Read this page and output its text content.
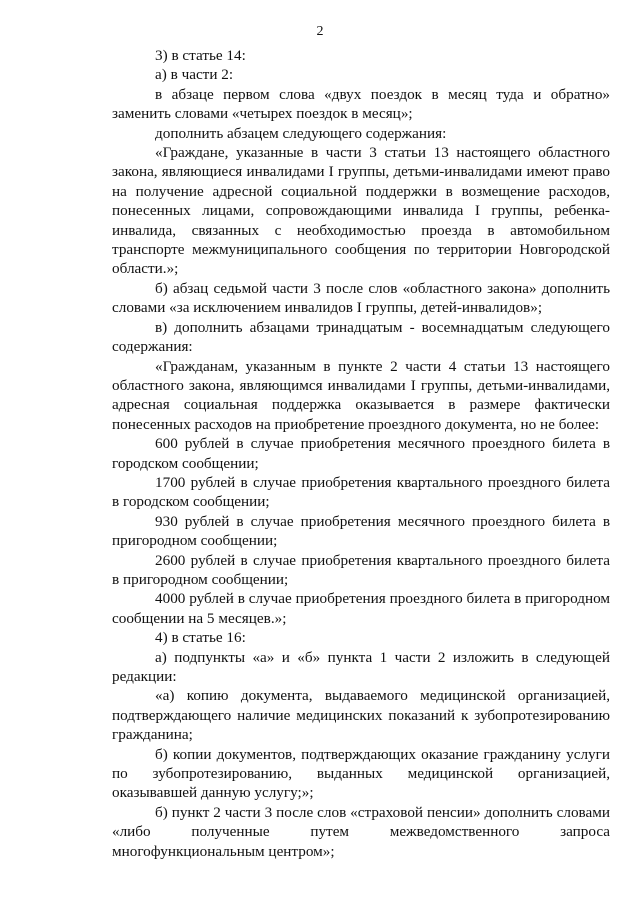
2

3) в статье 14:

а) в части 2:

в абзаце первом слова «двух поездок в месяц туда и обратно» заменить словами «четырех поездок в месяц»;

дополнить абзацем следующего содержания:

«Граждане, указанные в части 3 статьи 13 настоящего областного закона, являющиеся инвалидами I группы, детьми-инвалидами имеют право на получение адресной социальной поддержки в возмещение расходов, понесенных лицами, сопровождающими инвалида I группы, ребенка-инвалида, связанных с необходимостью проезда в автомобильном транспорте межмуниципального сообщения по территории Новгородской области.»;

б) абзац седьмой части 3 после слов «областного закона» дополнить словами «за исключением инвалидов I группы, детей-инвалидов»;

в) дополнить абзацами тринадцатым - восемнадцатым следующего содержания:

«Гражданам, указанным в пункте 2 части 4 статьи 13 настоящего областного закона, являющимся инвалидами I группы, детьми-инвалидами, адресная социальная поддержка оказывается в размере фактически понесенных расходов на приобретение проездного документа, но не более:

600 рублей в случае приобретения месячного проездного билета в городском сообщении;

1700 рублей в случае приобретения квартального проездного билета в городском сообщении;

930 рублей в случае приобретения месячного проездного билета в пригородном сообщении;

2600 рублей в случае приобретения квартального проездного билета в пригородном сообщении;

4000 рублей в случае приобретения проездного билета в пригородном сообщении на 5 месяцев.»;

4) в статье 16:

а) подпункты «а» и «б» пункта 1 части 2 изложить в следующей редакции:

«а) копию документа, выдаваемого медицинской организацией, подтверждающего наличие медицинских показаний к зубопротезированию гражданина;

б) копии документов, подтверждающих оказание гражданину услуги по зубопротезированию, выданных медицинской организацией, оказывавшей данную услугу;»;

б) пункт 2 части 3 после слов «страховой пенсии» дополнить словами «либо полученные путем межведомственного запроса многофункциональным центром»;
